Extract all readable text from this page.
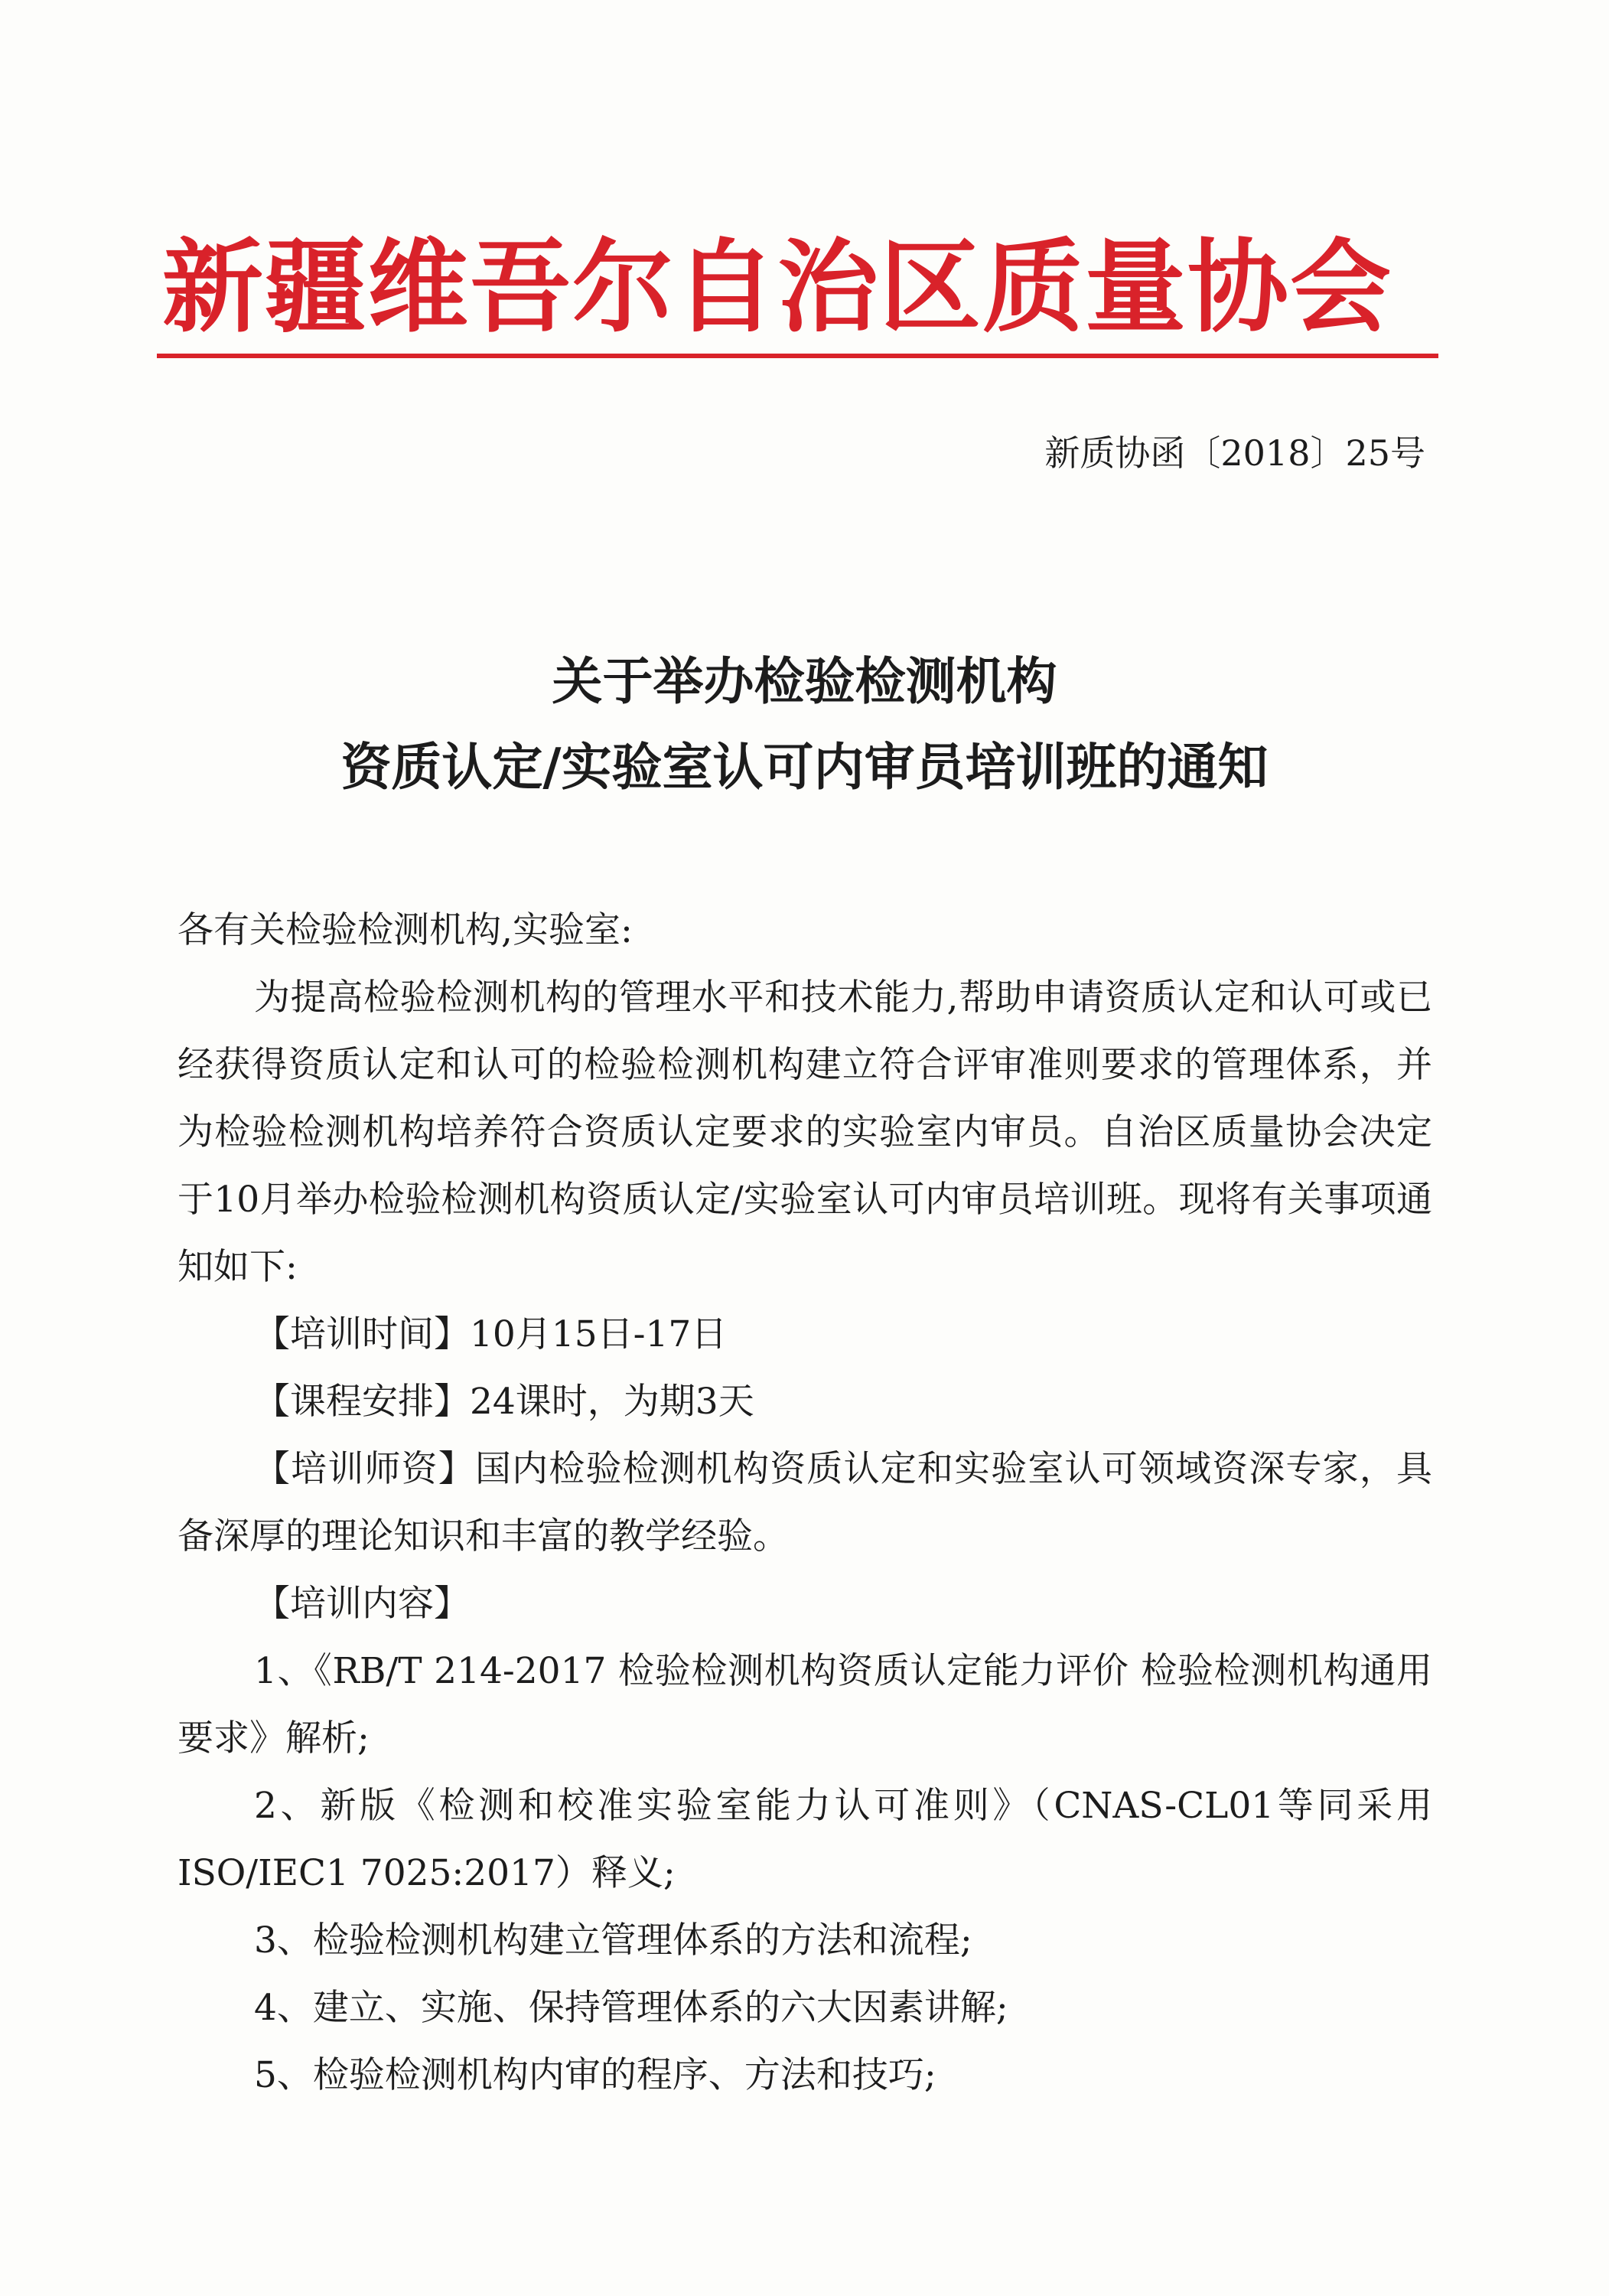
新疆维吾尔自治区质量协会
新质协函〔2018〕25号
关于举办检验检测机构
资质认定/实验室认可内审员培训班的通知

各有关检验检测机构,实验室:

为提高检验检测机构的管理水平和技术能力,帮助申请资质认定和认可或已经获得资质认定和认可的检验检测机构建立符合评审准则要求的管理体系，并为检验检测机构培养符合资质认定要求的实验室内审员。自治区质量协会决定于10月举办检验检测机构资质认定/实验室认可内审员培训班。现将有关事项通知如下:

【培训时间】10月15日-17日

【课程安排】24课时，为期3天

【培训师资】国内检验检测机构资质认定和实验室认可领域资深专家，具备深厚的理论知识和丰富的教学经验。

【培训内容】

1、《RB/T 214-2017 检验检测机构资质认定能力评价 检验检测机构通用要求》解析;

2、新版《检测和校准实验室能力认可准则》（CNAS-CL01等同采用ISO/IEC1 7025:2017）释义;

3、检验检测机构建立管理体系的方法和流程;

4、建立、实施、保持管理体系的六大因素讲解;

5、检验检测机构内审的程序、方法和技巧;
